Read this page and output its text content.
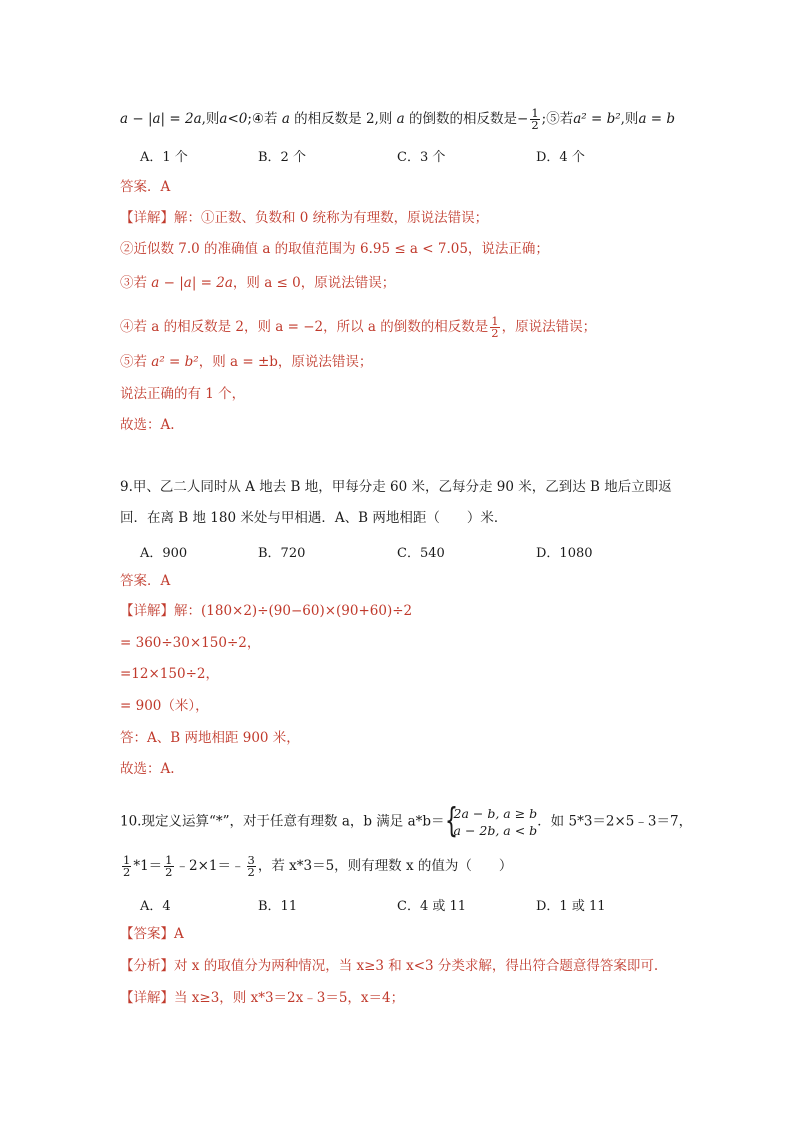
a − |a| = 2a,则a<0;④若 a 的相反数是 2,则 a 的倒数的相反数是− $\frac{1}{2}$ ;⑤若a² = b²,则a = b
A．1 个	B．2 个	C．3 个	D．4 个
答案．A
【详解】解：①正数、负数和 0 统称为有理数，原说法错误；
②近似数 7.0 的准确值 a 的取值范围为 6.95 ≤ a < 7.05，说法正确；
③若 a − |a| = 2a，则 a ≤ 0，原说法错误；
④若 a 的相反数是 2，则 a = −2，所以 a 的倒数的相反数是 $\frac{1}{2}$ ，原说法错误；
⑤若 a² = b²，则 a = ±b，原说法错误；
说法正确的有 1 个，
故选：A.
9.甲、乙二人同时从 A 地去 B 地，甲每分走 60 米，乙每分走 90 米，乙到达 B 地后立即返
回．在离 B 地 180 米处与甲相遇．A、B 两地相距（　　）米．
A．900	B．720	C．540	D．1080
答案．A
【详解】解：(180×2)÷(90−60)×(90+60)÷2
= 360÷30×150÷2，
=12×150÷2，
= 900（米），
答：A、B 两地相距 900 米，
故选：A.
10.现定义运算“*”，对于任意有理数 a，b 满足 a*b＝ {
2a − b, a ≥ b
a − 2b, a < b
．如 5*3＝2×5﹣3＝7，
$\frac{1}{2} *1= \frac{1}{2}$ ﹣2×1＝﹣ $\frac{3}{2}$ ，若 x*3＝5，则有理数 x 的值为（　　）
A．4	B．11	C．4 或 11	D．1 或 11
【答案】A
【分析】对 x 的取值分为两种情况，当 x≥3 和 x<3 分类求解，得出符合题意得答案即可.
【详解】当 x≥3，则 x*3＝2x﹣3＝5，x＝4；
